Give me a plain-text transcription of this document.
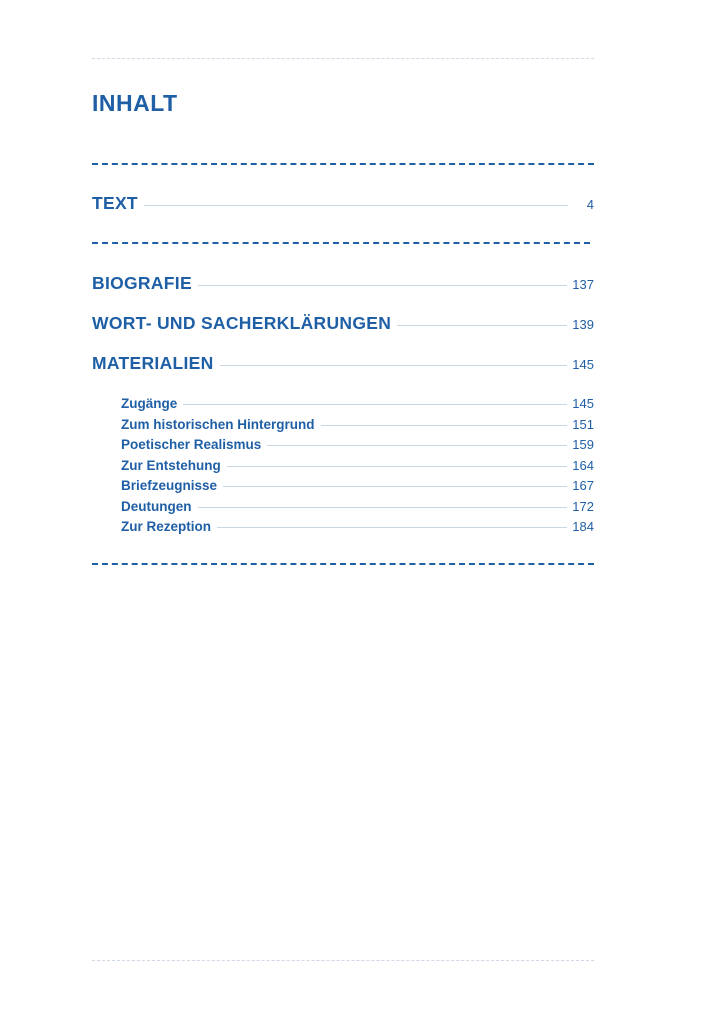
INHALT
TEXT	4
BIOGRAFIE	137
WORT- UND SACHERKLÄRUNGEN	139
MATERIALIEN	145
Zugänge	145
Zum historischen Hintergrund	151
Poetischer Realismus	159
Zur Entstehung	164
Briefzeugnisse	167
Deutungen	172
Zur Rezeption	184
